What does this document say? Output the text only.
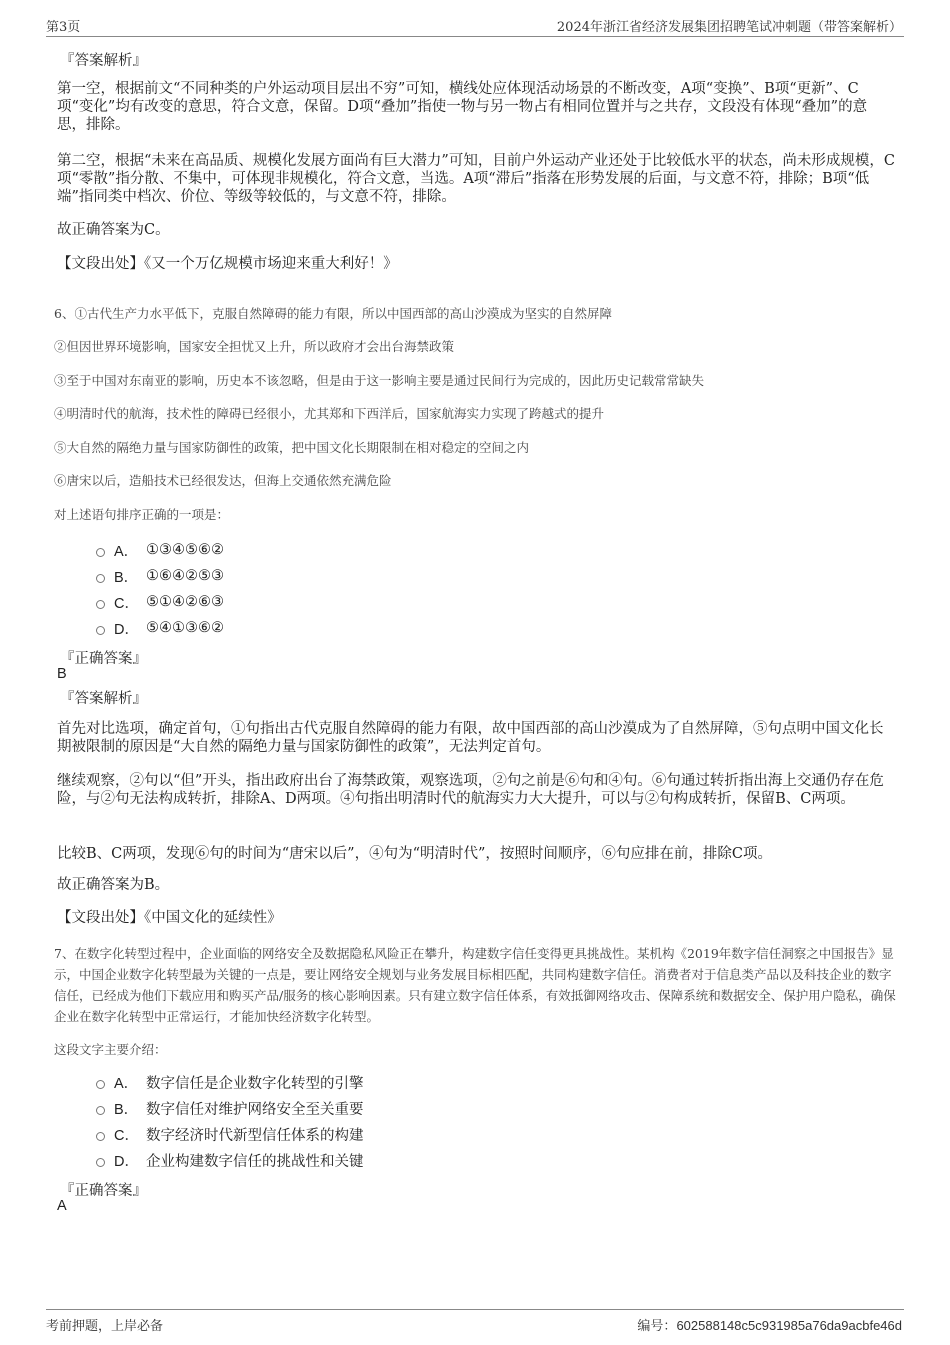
第3页	2024年浙江省经济发展集团招聘笔试冲刺题（带答案解析）
『答案解析』
第一空，根据前文“不同种类的户外运动项目层出不穷”可知，横线处应体现活动场景的不断改变，A项“变换”、B项“更新”、C项“变化”均有改变的意思，符合文意，保留。D项“叠加”指使一物与另一物占有相同位置并与之共存，文段没有体现“叠加”的意思，排除。
第二空，根据“未来在高品质、规模化发展方面尚有巨大潜力”可知，目前户外运动产业还处于比较低水平的状态，尚未形成规模，C项“零散”指分散、不集中，可体现非规模化，符合文意，当选。A项“滞后”指落在形势发展的后面，与文意不符，排除；B项“低端”指同类中档次、价位、等级等较低的，与文意不符，排除。
故正确答案为C。
【文段出处】《又一个万亿规模市场迎来重大利好！》
6、①古代生产力水平低下，克服自然障碍的能力有限，所以中国西部的高山沙漠成为坚实的自然屏障
②但因世界环境影响，国家安全担忧又上升，所以政府才会出台海禁政策
③至于中国对东南亚的影响，历史本不该忽略，但是由于这一影响主要是通过民间行为完成的，因此历史记载常常缺失
④明清时代的航海，技术性的障碍已经很小，尤其郑和下西洋后，国家航海实力实现了跨越式的提升
⑤大自然的隔绝力量与国家防御性的政策，把中国文化长期限制在相对稳定的空间之内
⑥唐宋以后，造船技术已经很发达，但海上交通依然充满危险
对上述语句排序正确的一项是：
A． ①③④⑤⑥②
B． ①⑥④②⑤③
C． ⑤①④②⑥③
D． ⑤④①③⑥②
『正确答案』
B
『答案解析』
首先对比选项，确定首句，①句指出古代克服自然障碍的能力有限，故中国西部的高山沙漠成为了自然屏障，⑤句点明中国文化长期被限制的原因是“大自然的隔绝力量与国家防御性的政策”，无法判定首句。
继续观察，②句以“但”开头，指出政府出台了海禁政策，观察选项，②句之前是⑥句和④句。⑥句通过转折指出海上交通仍存在危险，与②句无法构成转折，排除A、D两项。④句指出明清时代的航海实力大大提升，可以与②句构成转折，保留B、C两项。
比较B、C两项，发现⑥句的时间为“唐宋以后”，④句为“明清时代”，按照时间顺序，⑥句应排在前，排除C项。
故正确答案为B。
【文段出处】《中国文化的延续性》
7、在数字化转型过程中，企业面临的网络安全及数据隐私风险正在攀升，构建数字信任变得更具挑战性。某机构《2019年数字信任洞察之中国报告》显示，中国企业数字化转型最为关键的一点是，要让网络安全规划与业务发展目标相匹配，共同构建数字信任。消费者对于信息类产品以及科技企业的数字信任，已经成为他们下载应用和购买产品/服务的核心影响因素。只有建立数字信任体系，有效抵御网络攻击、保障系统和数据安全、保护用户隐私，确保企业在数字化转型中正常运行，才能加快经济数字化转型。
这段文字主要介绍：
A． 数字信任是企业数字化转型的引擎
B． 数字信任对维护网络安全至关重要
C． 数字经济时代新型信任体系的构建
D． 企业构建数字信任的挑战性和关键
『正确答案』
A
考前押题，上岸必备	编号：602588148c5c931985a76da9acbfe46d
